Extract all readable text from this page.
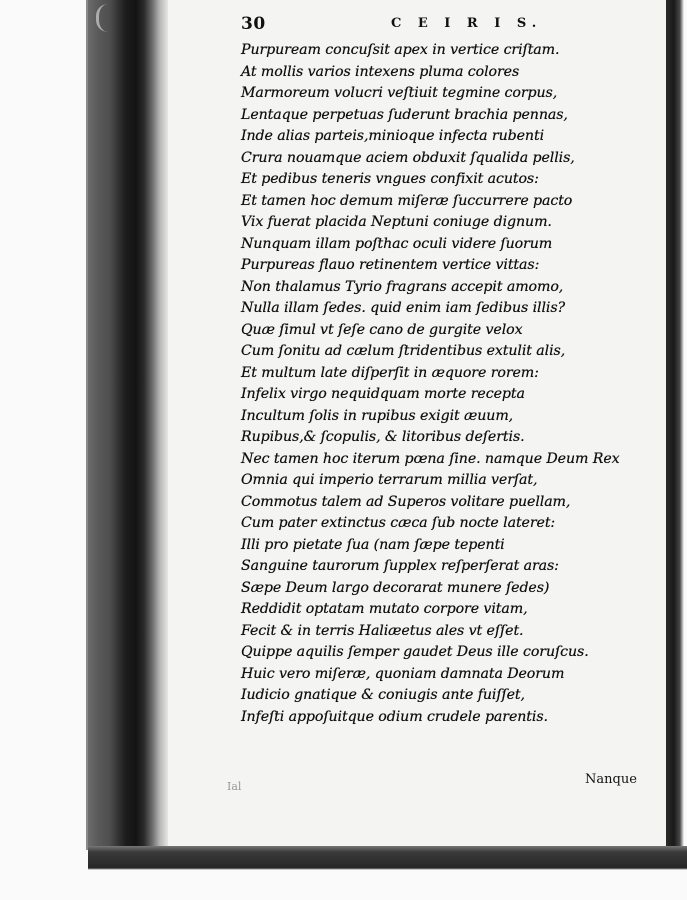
30	C E I R I S.
Purpuream concuſsit apex in vertice criſtam.
At mollis varios intexens pluma colores
Marmoreum volucri veſtiuit tegmine corpus,
Lentaque perpetuas ſuderunt brachia pennas,
Inde alias parteis,minioque infecta rubenti
Crura nouamque aciem obduxit ſqualida pellis,
Et pedibus teneris vngues confixit acutos:
Et tamen hoc demum miſeræ ſuccurrere pacto
Vix fuerat placida Neptuni coniuge dignum.
Nunquam illam poſthac oculi videre ſuorum
Purpureas flauo retinentem vertice vittas:
Non thalamus Tyrio fragrans accepit amomo,
Nulla illam ſedes. quid enim iam ſedibus illis?
Quæ ſimul vt ſeſe cano de gurgite velox
Cum ſonitu ad cælum ſtridentibus extulit alis,
Et multum late diſperſit in æquore rorem:
Infelix virgo nequidquam morte recepta
Incultum ſolis in rupibus exigit æuum,
Rupibus,& ſcopulis, & litoribus deſertis.
Nec tamen hoc iterum pœna ſine. namque Deum Rex
Omnia qui imperio terrarum millia verſat,
Commotus talem ad Superos volitare puellam,
Cum pater extinctus cæca ſub nocte lateret:
Illi pro pietate ſua (nam ſæpe tepenti
Sanguine taurorum ſupplex reſperſerat aras:
Sæpe Deum largo decorarat munere ſedes)
Reddidit optatam mutato corpore vitam,
Fecit & in terris Haliæetus ales vt eſſet.
Quippe aquilis ſemper gaudet Deus ille coruſcus.
Huic vero miſeræ, quoniam damnata Deorum
Iudicio gnatique & coniugis ante fuiſſet,
Infeſti appoſuitque odium crudele parentis.
Ial	Nanque
